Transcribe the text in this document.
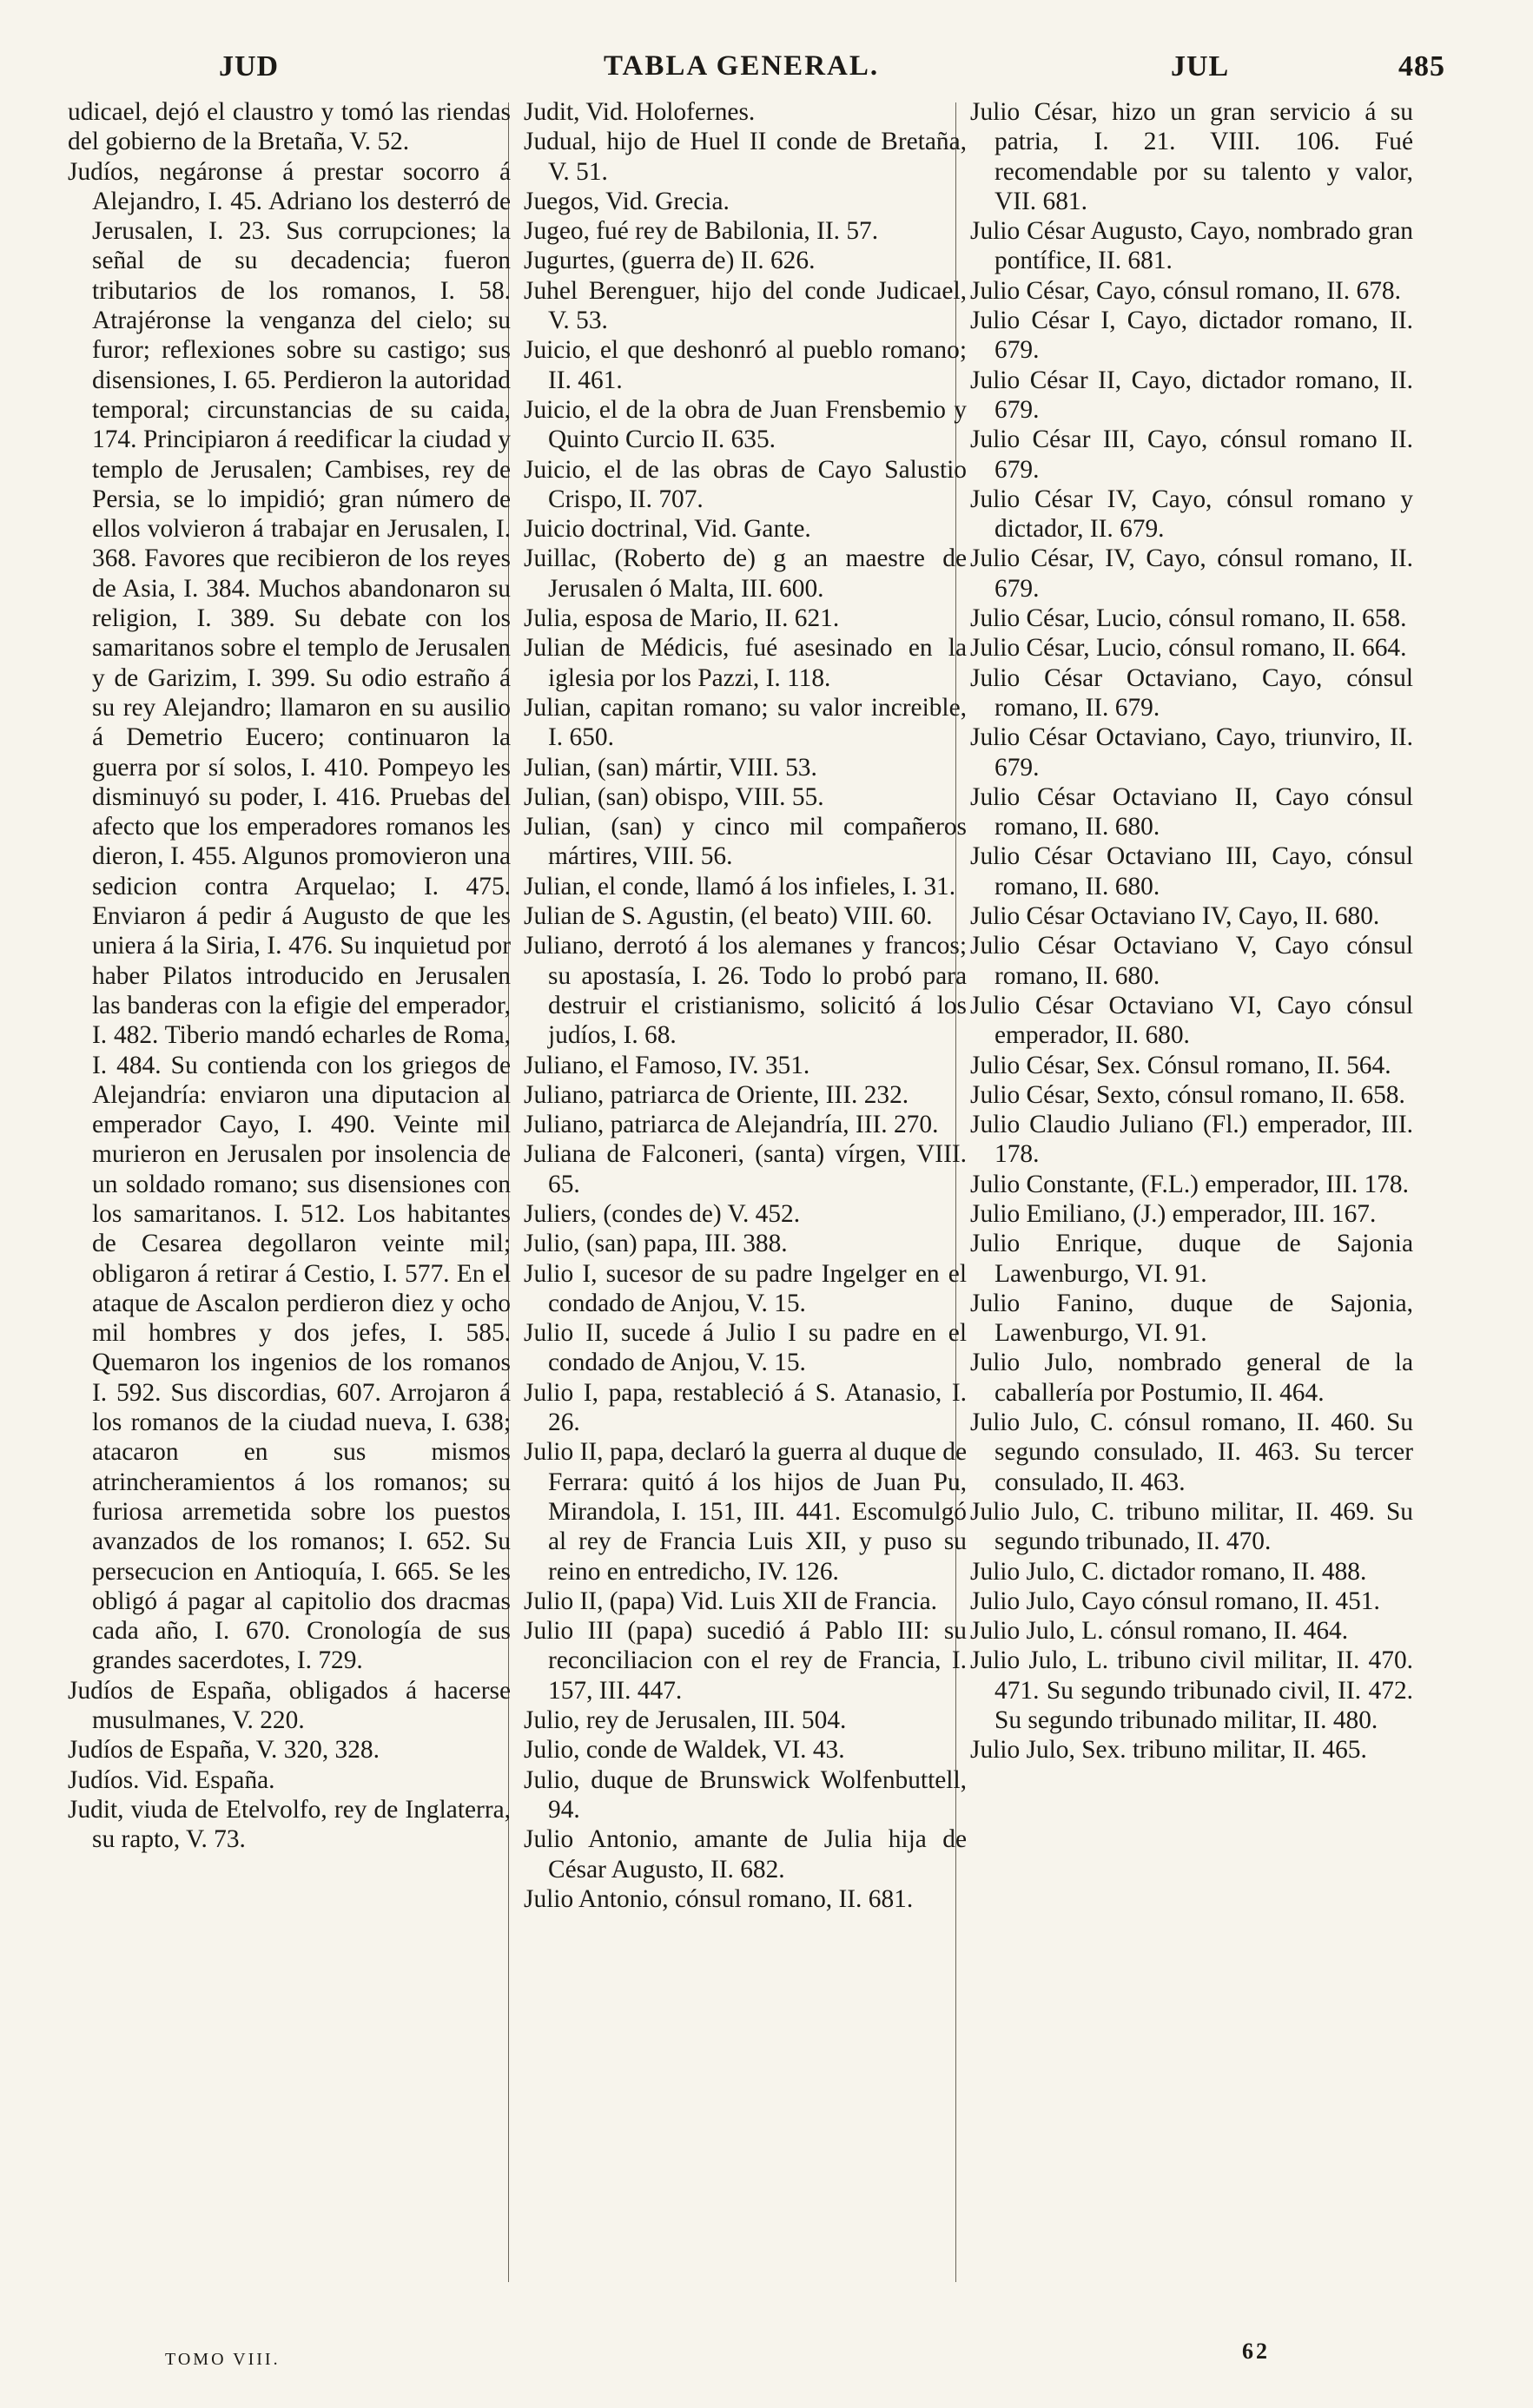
JUD	TABLA GENERAL.	JUL	485

udicael, dejó el claustro y tomó las riendas del gobierno de la Bretaña, V. 52.

Judíos, negáronse á prestar socorro á Alejandro, I. 45. Adriano los desterró de Jerusalen, I. 23. Sus corrupciones; la señal de su decadencia; fueron tributarios de los romanos, I. 58. Atrajéronse la venganza del cielo; su furor; reflexiones sobre su castigo; sus disensiones, I. 65. Perdieron la autoridad temporal; circunstancias de su caida, 174. Principiaron á reedificar la ciudad y templo de Jerusalen; Cambises, rey de Persia, se lo impidió; gran número de ellos volvieron á trabajar en Jerusalen, I. 368. Favores que recibieron de los reyes de Asia, I. 384. Muchos abandonaron su religion, I. 389. Su debate con los samaritanos sobre el templo de Jerusalen y de Garizim, I. 399. Su odio estraño á su rey Alejandro; llamaron en su ausilio á Demetrio Eucero; continuaron la guerra por sí solos, I. 410. Pompeyo les disminuyó su poder, I. 416. Pruebas del afecto que los emperadores romanos les dieron, I. 455. Algunos promovieron una sedicion contra Arquelao; I. 475. Enviaron á pedir á Augusto de que les uniera á la Siria, I. 476. Su inquietud por haber Pilatos introducido en Jerusalen las banderas con la efigie del emperador, I. 482. Tiberio mandó echarles de Roma, I. 484. Su contienda con los griegos de Alejandría: enviaron una diputacion al emperador Cayo, I. 490. Veinte mil murieron en Jerusalen por insolencia de un soldado romano; sus disensiones con los samaritanos. I. 512. Los habitantes de Cesarea degollaron veinte mil; obligaron á retirar á Cestio, I. 577. En el ataque de Ascalon perdieron diez y ocho mil hombres y dos jefes, I. 585. Quemaron los ingenios de los romanos I. 592. Sus discordias, 607. Arrojaron á los romanos de la ciudad nueva, I. 638; atacaron en sus mismos atrincheramientos á los romanos; su furiosa arremetida sobre los puestos avanzados de los romanos; I. 652. Su persecucion en Antioquía, I. 665. Se les obligó á pagar al capitolio dos dracmas cada año, I. 670. Cronología de sus grandes sacerdotes, I. 729.

Judíos de España, obligados á hacerse musulmanes, V. 220.

Judíos de España, V. 320, 328.

Judíos. Vid. España.

Judit, viuda de Etelvolfo, rey de Inglaterra, su rapto, V. 73.

Judit, Vid. Holofernes.

Judual, hijo de Huel II conde de Bretaña, V. 51.

Juegos, Vid. Grecia.

Jugeo, fué rey de Babilonia, II. 57.

Jugurtes, (guerra de) II. 626.

Juhel Berenguer, hijo del conde Judicael, V. 53.

Juicio, el que deshonró al pueblo romano; II. 461.

Juicio, el de la obra de Juan Frensbemio y Quinto Curcio II. 635.

Juicio, el de las obras de Cayo Salustio Crispo, II. 707.

Juicio doctrinal, Vid. Gante.

Juillac, (Roberto de) g an maestre de Jerusalen ó Malta, III. 600.

Julia, esposa de Mario, II. 621.

Julian de Médicis, fué asesinado en la iglesia por los Pazzi, I. 118.

Julian, capitan romano; su valor increible, I. 650.

Julian, (san) mártir, VIII. 53.

Julian, (san) obispo, VIII. 55.

Julian, (san) y cinco mil compañeros mártires, VIII. 56.

Julian, el conde, llamó á los infieles, I. 31.

Julian de S. Agustin, (el beato) VIII. 60.

Juliano, derrotó á los alemanes y francos; su apostasía, I. 26. Todo lo probó para destruir el cristianismo, solicitó á los judíos, I. 68.

Juliano, el Famoso, IV. 351.

Juliano, patriarca de Oriente, III. 232.

Juliano, patriarca de Alejandría, III. 270.

Juliana de Falconeri, (santa) vírgen, VIII. 65.

Juliers, (condes de) V. 452.

Julio, (san) papa, III. 388.

Julio I, sucesor de su padre Ingelger en el condado de Anjou, V. 15.

Julio II, sucede á Julio I su padre en el condado de Anjou, V. 15.

Julio I, papa, restableció á S. Atanasio, I. 26.

Julio II, papa, declaró la guerra al duque de Ferrara: quitó á los hijos de Juan Pu, Mirandola, I. 151, III. 441. Escomulgó al rey de Francia Luis XII, y puso su reino en entredicho, IV. 126.

Julio II, (papa) Vid. Luis XII de Francia.

Julio III (papa) sucedió á Pablo III: su reconciliacion con el rey de Francia, I. 157, III. 447.

Julio, rey de Jerusalen, III. 504.

Julio, conde de Waldek, VI. 43.

Julio, duque de Brunswick Wolfenbuttell, 94.

Julio Antonio, amante de Julia hija de César Augusto, II. 682.

Julio Antonio, cónsul romano, II. 681.

Julio César, hizo un gran servicio á su patria, I. 21. VIII. 106. Fué recomendable por su talento y valor, VII. 681.

Julio César Augusto, Cayo, nombrado gran pontífice, II. 681.

Julio César, Cayo, cónsul romano, II. 678.

Julio César I, Cayo, dictador romano, II. 679.

Julio César II, Cayo, dictador romano, II. 679.

Julio César III, Cayo, cónsul romano II. 679.

Julio César IV, Cayo, cónsul romano y dictador, II. 679.

Julio César, IV, Cayo, cónsul romano, II. 679.

Julio César, Lucio, cónsul romano, II. 658.

Julio César, Lucio, cónsul romano, II. 664.

Julio César Octaviano, Cayo, cónsul romano, II. 679.

Julio César Octaviano, Cayo, triunviro, II. 679.

Julio César Octaviano II, Cayo cónsul romano, II. 680.

Julio César Octaviano III, Cayo, cónsul romano, II. 680.

Julio César Octaviano IV, Cayo, II. 680.

Julio César Octaviano V, Cayo cónsul romano, II. 680.

Julio César Octaviano VI, Cayo cónsul emperador, II. 680.

Julio César, Sex. Cónsul romano, II. 564.

Julio César, Sexto, cónsul romano, II. 658.

Julio Claudio Juliano (Fl.) emperador, III. 178.

Julio Constante, (F.L.) emperador, III. 178.

Julio Emiliano, (J.) emperador, III. 167.

Julio Enrique, duque de Sajonia Lawenburgo, VI. 91.

Julio Fanino, duque de Sajonia, Lawenburgo, VI. 91.

Julio Julo, nombrado general de la caballería por Postumio, II. 464.

Julio Julo, C. cónsul romano, II. 460. Su segundo consulado, II. 463. Su tercer consulado, II. 463.

Julio Julo, C. tribuno militar, II. 469. Su segundo tribunado, II. 470.

Julio Julo, C. dictador romano, II. 488.

Julio Julo, Cayo cónsul romano, II. 451.

Julio Julo, L. cónsul romano, II. 464.

Julio Julo, L. tribuno civil militar, II. 470. 471. Su segundo tribunado civil, II. 472. Su segundo tribunado militar, II. 480.

Julio Julo, Sex. tribuno militar, II. 465.

TOMO VIII.	62
